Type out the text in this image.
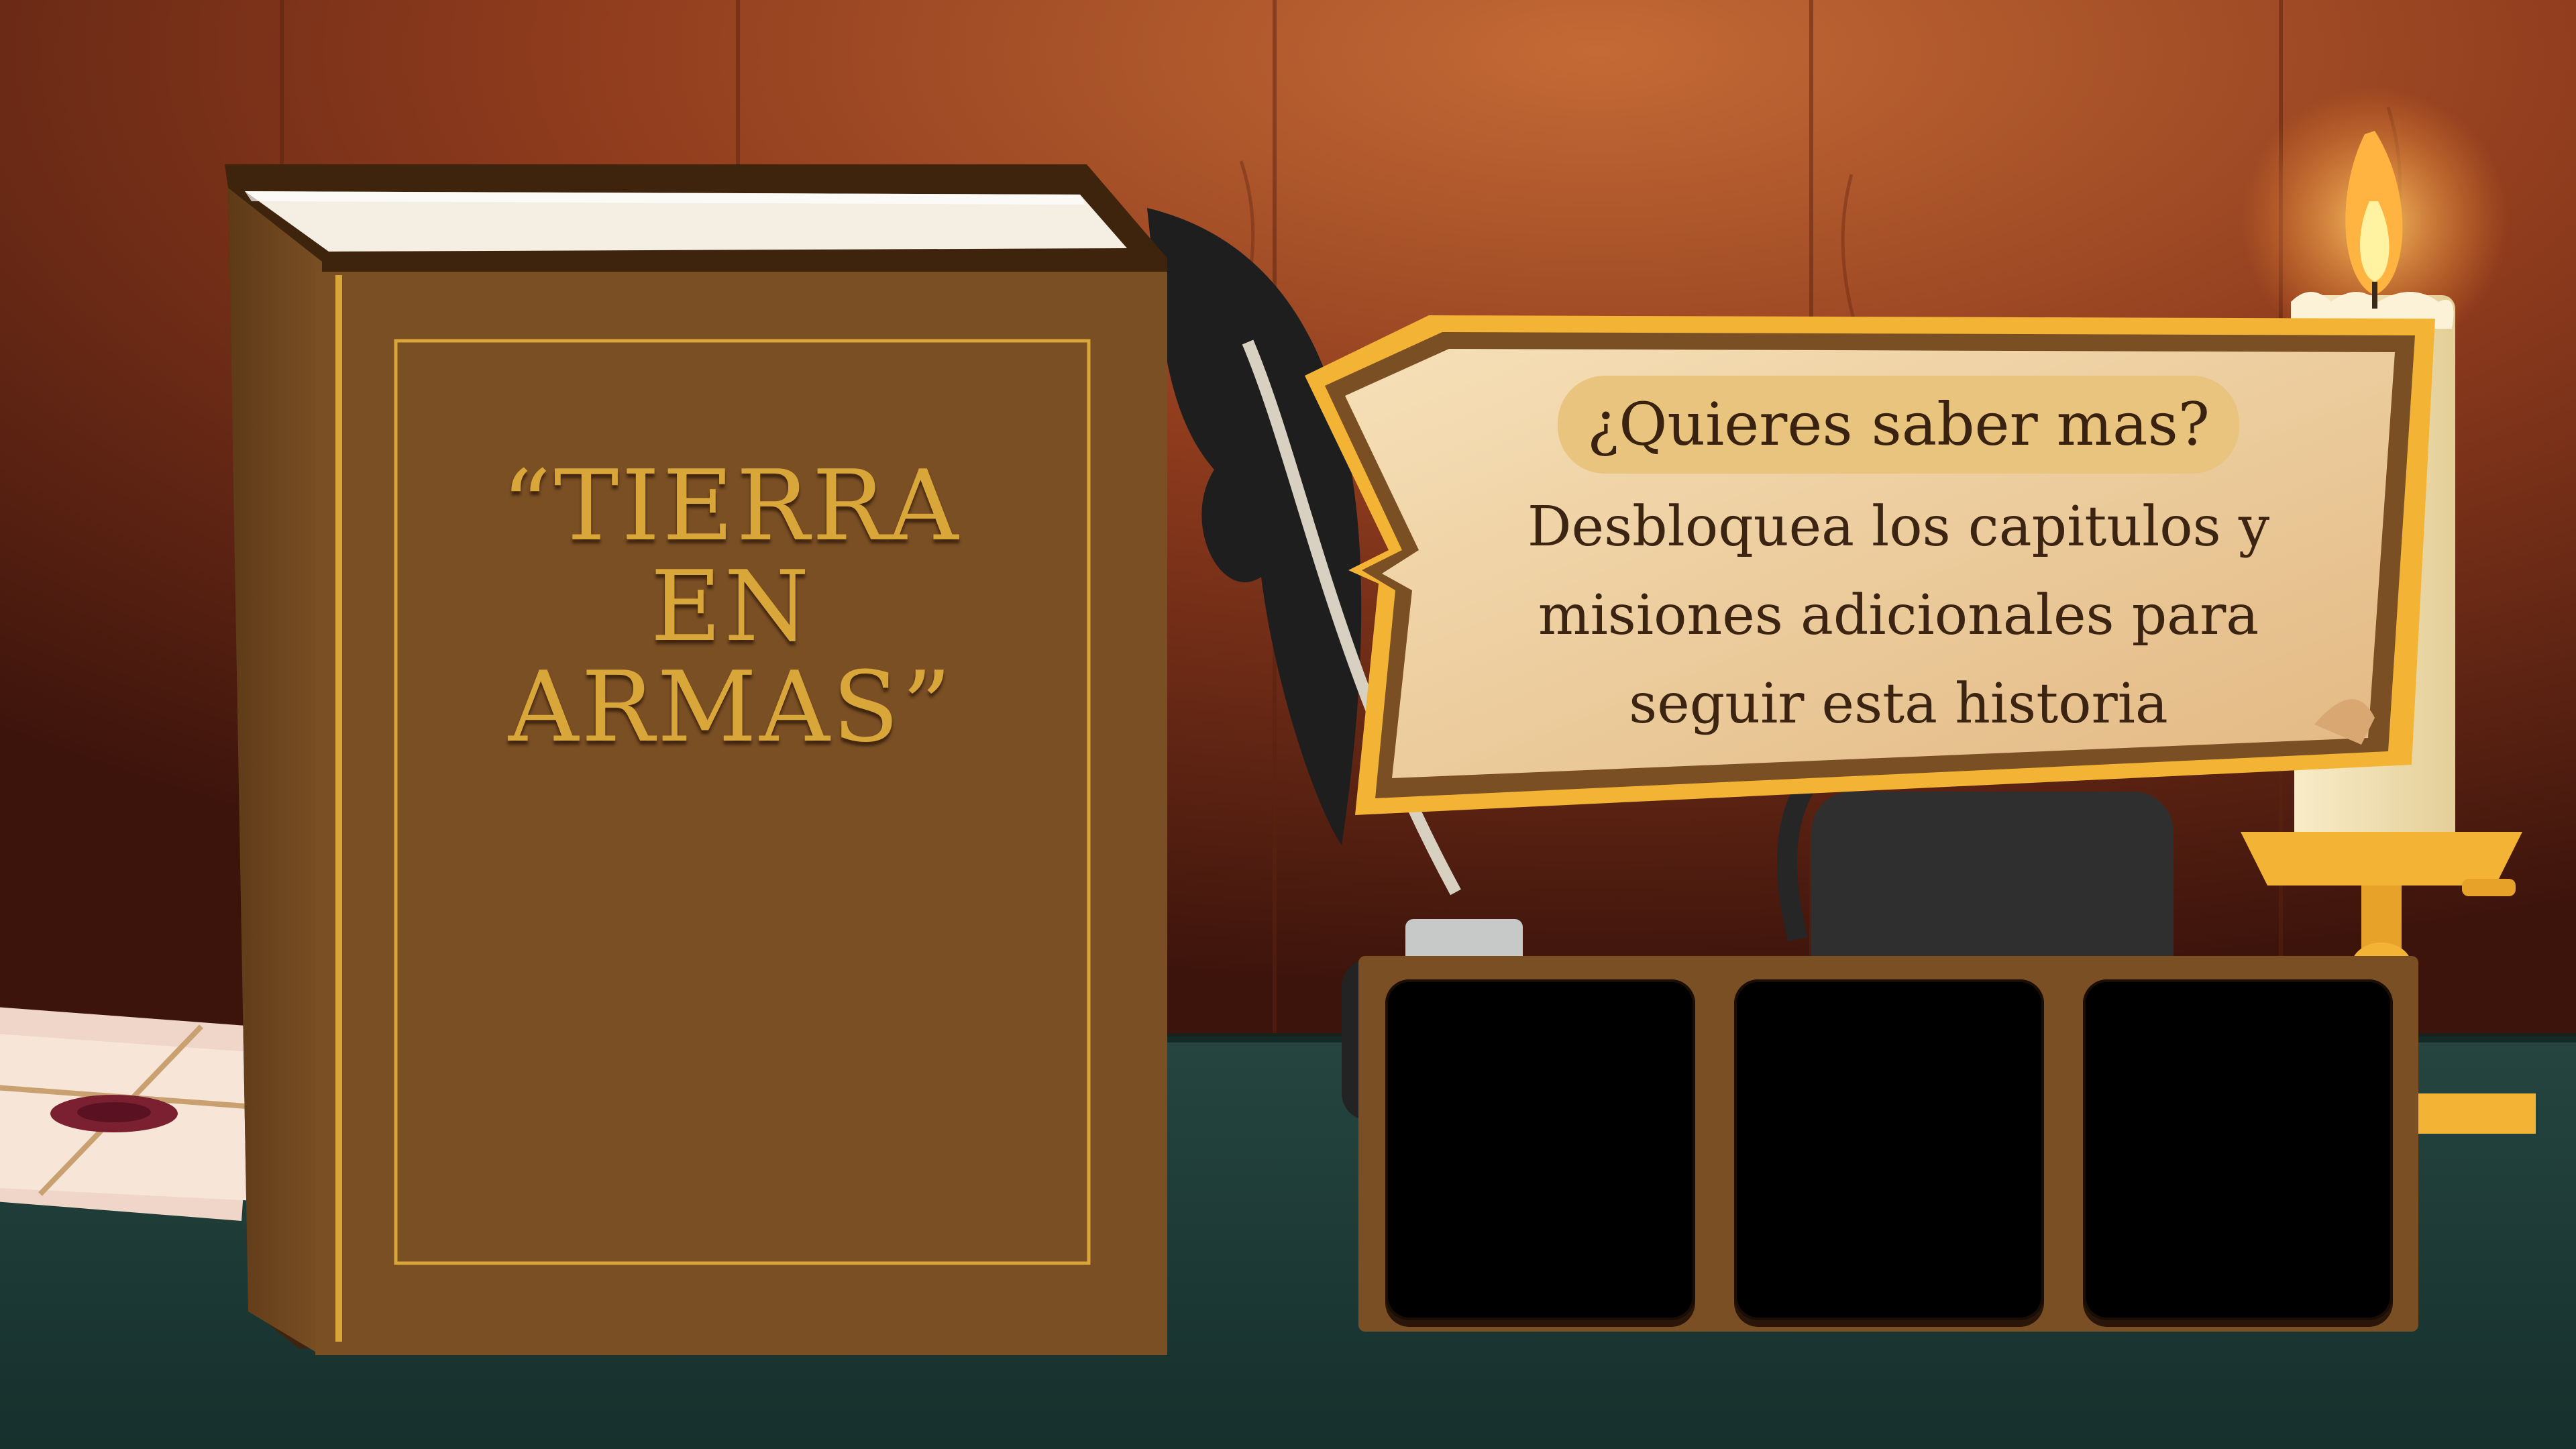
“TIERRA
EN
ARMAS”
¿Quieres saber mas?
Desbloquea los capitulos y
misiones adicionales para
seguir esta historia
